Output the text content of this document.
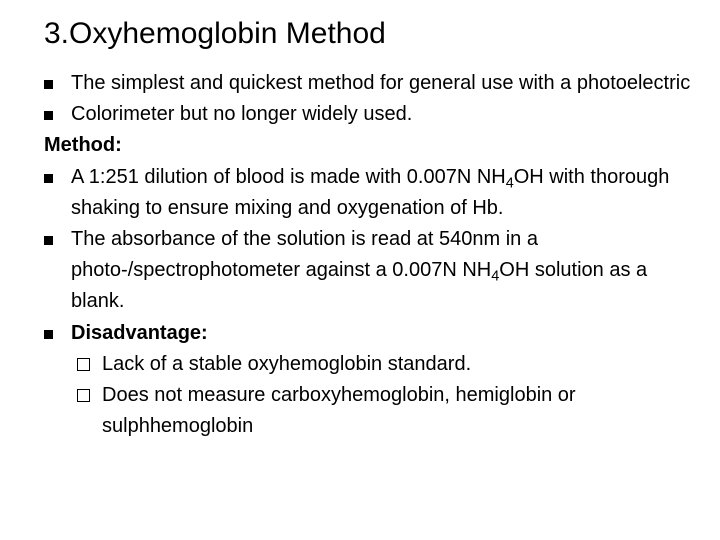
3.Oxyhemoglobin Method
The simplest and quickest method for general use with a photoelectric
Colorimeter but no longer widely used.
Method:
A 1:251 dilution of blood is made with 0.007N $NH_4OH$ with thorough shaking to ensure mixing and oxygenation of Hb.
The absorbance of the solution is read at 540nm in a photo-/spectrophotometer against a 0.007N $NH_4OH$ solution as a blank.
Disadvantage:
Lack of a stable oxyhemoglobin standard.
Does not measure carboxyhemoglobin, hemiglobin or sulphhemoglobin
